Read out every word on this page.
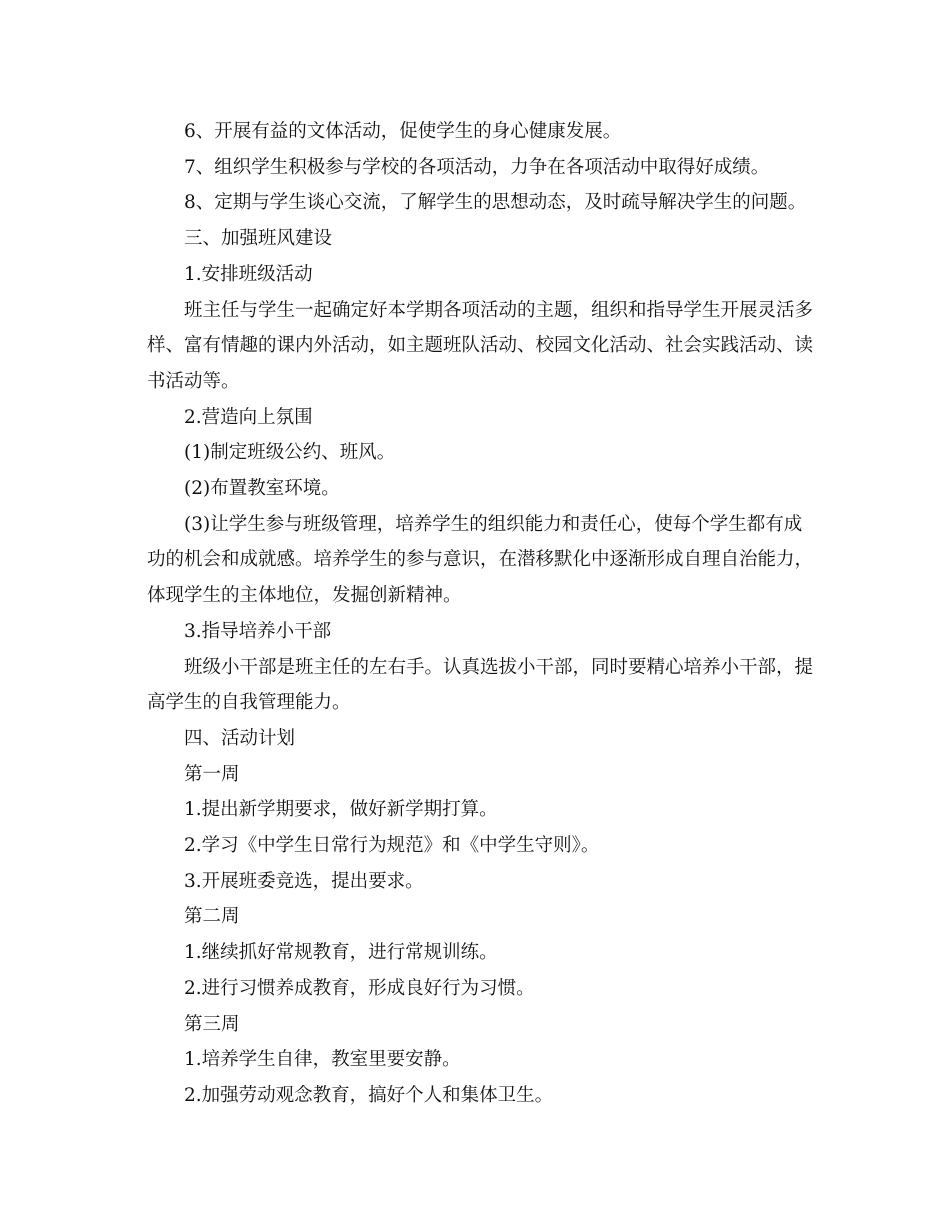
6、开展有益的文体活动，促使学生的身心健康发展。

7、组织学生积极参与学校的各项活动，力争在各项活动中取得好成绩。

8、定期与学生谈心交流，了解学生的思想动态，及时疏导解决学生的问题。

三、加强班风建设

1.安排班级活动

班主任与学生一起确定好本学期各项活动的主题，组织和指导学生开展灵活多样、富有情趣的课内外活动，如主题班队活动、校园文化活动、社会实践活动、读书活动等。

2.营造向上氛围

(1)制定班级公约、班风。

(2)布置教室环境。

(3)让学生参与班级管理，培养学生的组织能力和责任心，使每个学生都有成功的机会和成就感。培养学生的参与意识，在潜移默化中逐渐形成自理自治能力，体现学生的主体地位，发掘创新精神。

3.指导培养小干部

班级小干部是班主任的左右手。认真选拔小干部，同时要精心培养小干部，提高学生的自我管理能力。

四、活动计划

第一周

1.提出新学期要求，做好新学期打算。

2.学习《中学生日常行为规范》和《中学生守则》。

3.开展班委竞选，提出要求。

第二周

1.继续抓好常规教育，进行常规训练。

2.进行习惯养成教育，形成良好行为习惯。

第三周

1.培养学生自律，教室里要安静。

2.加强劳动观念教育，搞好个人和集体卫生。
